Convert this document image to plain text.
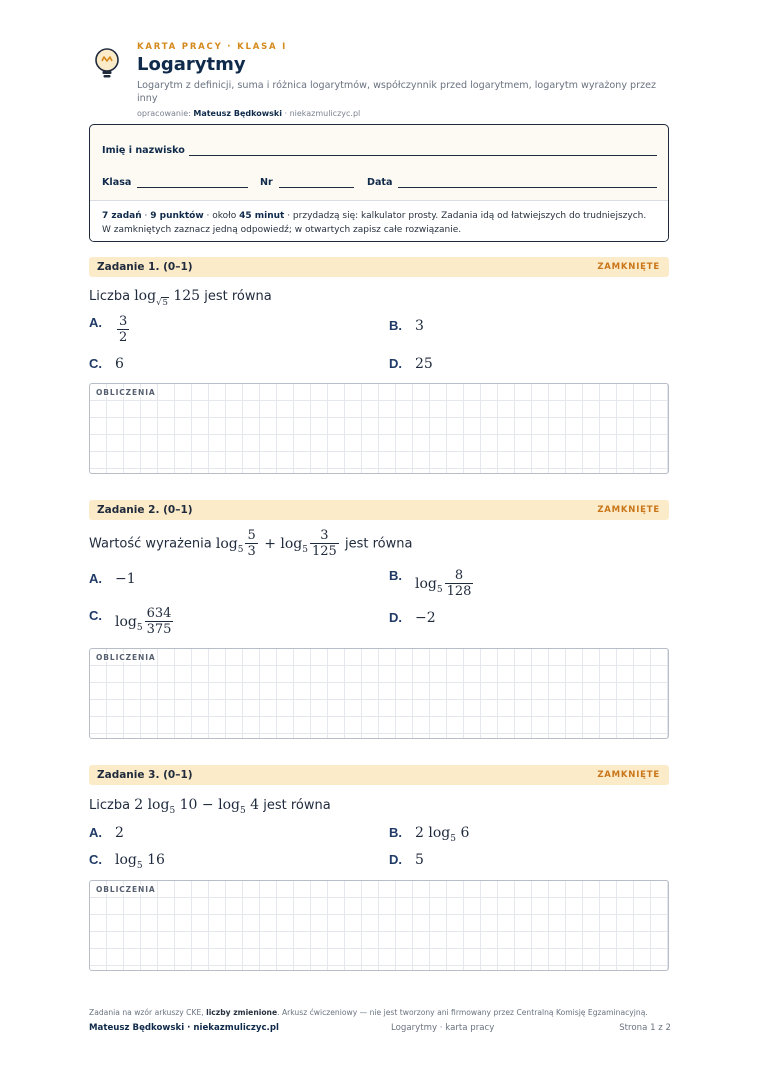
KARTA PRACY · KLASA I
Logarytmy
Logarytm z definicji, suma i różnica logarytmów, współczynnik przed logarytmem, logarytm wyrażony przez inny
opracowanie: Mateusz Będkowski · niekazmuliczyc.pl
Imię i nazwisko
Klasa	Nr	Data
7 zadań · 9 punktów · około 45 minut · przydadzą się: kalkulator prosty. Zadania idą od łatwiejszych do trudniejszych. W zamkniętych zaznacz jedną odpowiedź; w otwartych zapisz całe rozwiązanie.
Zadanie 1. (0–1)	ZAMKNIĘTE
Liczba log√5 125 jest równa
A. $\frac{3}{2}$	B. 3
C. 6	D. 25
OBLICZENIA
Zadanie 2. (0–1)	ZAMKNIĘTE
Wartość wyrażenia $\log_5 \frac{5}{3} + \log_5 \frac{3}{125}$ jest równa
A. −1	$B.\log_5 \frac{8}{128}$
C. $\log_5 \frac{634}{375}$	D. −2
OBLICZENIA
Zadanie 3. (0–1)	ZAMKNIĘTE
Liczba 2 $\log_5 10 - \log_5 4$ jest równa
A. 2	B. 2 $\log_5 6$
C. $\log_5 16$	D. 5
OBLICZENIA
Zadania na wzór arkuszy CKE, liczby zmienione. Arkusz ćwiczeniowy — nie jest tworzony ani firmowany przez Centralną Komisję Egzaminacyjną.
Mateusz Będkowski · niekazmuliczyc.pl	Logarytmy · karta pracy	Strona 1 z 2
